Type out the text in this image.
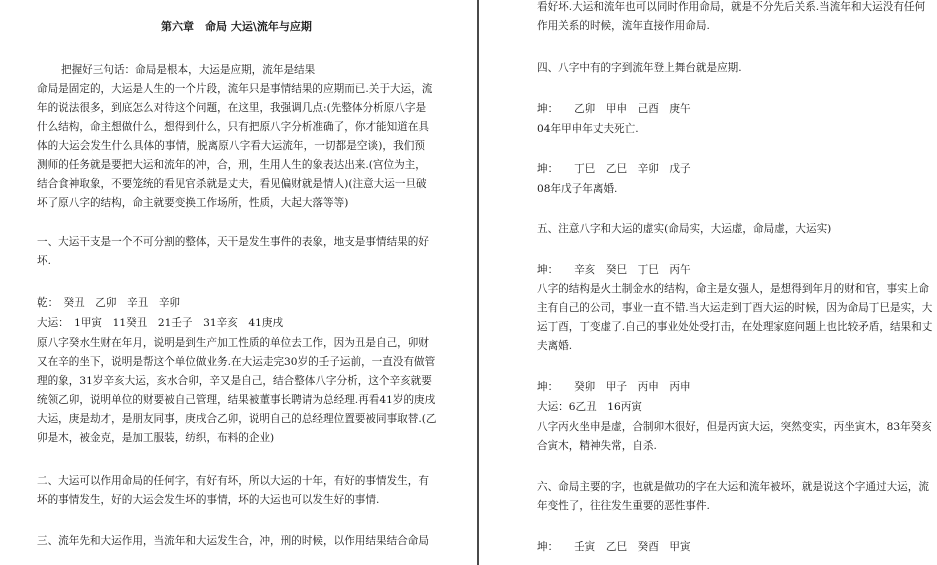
第六章　命局 大运\流年与应期
把握好三句话：命局是根本，大运是应期，流年是结果
命局是固定的，大运是人生的一个片段，流年只是事情结果的应期而已.关于大运，流
年的说法很多，到底怎么对待这个问题，在这里，我强调几点:(先整体分析原八字是
什么结构，命主想做什么，想得到什么，只有把原八字分析准确了，你才能知道在具
体的大运会发生什么具体的事情，脱离原八字看大运流年，一切都是空谈)，我们预
测师的任务就是要把大运和流年的冲，合，刑，生用人生的象表达出来.(宫位为主，
结合食神取象，不要笼统的看见官杀就是丈夫，看见偏财就是情人)(注意大运一旦破
坏了原八字的结构，命主就要变换工作场所，性质，大起大落等等)
一、大运干支是一个不可分割的整体，天干是发生事件的表象，地支是事情结果的好
坏.
乾：　癸丑　乙卯　辛丑　辛卯
大运：　1甲寅　11癸丑　21壬子　31辛亥　41庚戌
原八字癸水生财在年月，说明是到生产加工性质的单位去工作，因为丑是自己，卯财
又在辛的坐下，说明是帮这个单位做业务.在大运走完30岁的壬子运前，一直没有做管
理的象，31岁辛亥大运，亥水合卯，辛又是自己，结合整体八字分析，这个辛亥就要
统领乙卯，说明单位的财要被自己管理，结果被董事长聘请为总经理.再看41岁的庚戌
大运，庚是劫才，是朋友同事，庚戌合乙卯，说明自己的总经理位置要被同事取替.(乙
卯是木，被金克，是加工服装，纺织，布料的企业)
二、大运可以作用命局的任何字，有好有坏，所以大运的十年，有好的事情发生，有
坏的事情发生，好的大运会发生坏的事情，坏的大运也可以发生好的事情.
三、流年先和大运作用，当流年和大运发生合，冲，刑的时候，以作用结果结合命局
看好坏.大运和流年也可以同时作用命局，就是不分先后关系.当流年和大运没有任何
作用关系的时候，流年直接作用命局.
四、八字中有的字到流年登上舞台就是应期.
坤：　　乙卯　甲申　己酉　庚午
04年甲申年丈夫死亡.
坤：　　丁巳　乙巳　辛卯　戊子
08年戊子年离婚.
五、注意八字和大运的虚实(命局实，大运虚，命局虚，大运实)
坤：　　辛亥　癸巳　丁巳　丙午
八字的结构是火土制金水的结构，命主是女强人，是想得到年月的财和官，事实上命
主有自己的公司，事业一直不错.当大运走到丁酉大运的时候，因为命局丁巳是实，大
运丁酉，丁变虚了.自己的事业处处受打击，在处理家庭问题上也比较矛盾，结果和丈
夫离婚.
坤：　　癸卯　甲子　丙申　丙申
大运：6乙丑　16丙寅
八字丙火坐申是虚，合制卯木很好，但是丙寅大运，突然变实，丙坐寅木，83年癸亥
合寅木，精神失常，自杀.
六、命局主要的字，也就是做功的字在大运和流年被坏，就是说这个字通过大运，流
年变性了，往往发生重要的恶性事件.
坤：　　壬寅　乙巳　癸酉　甲寅
